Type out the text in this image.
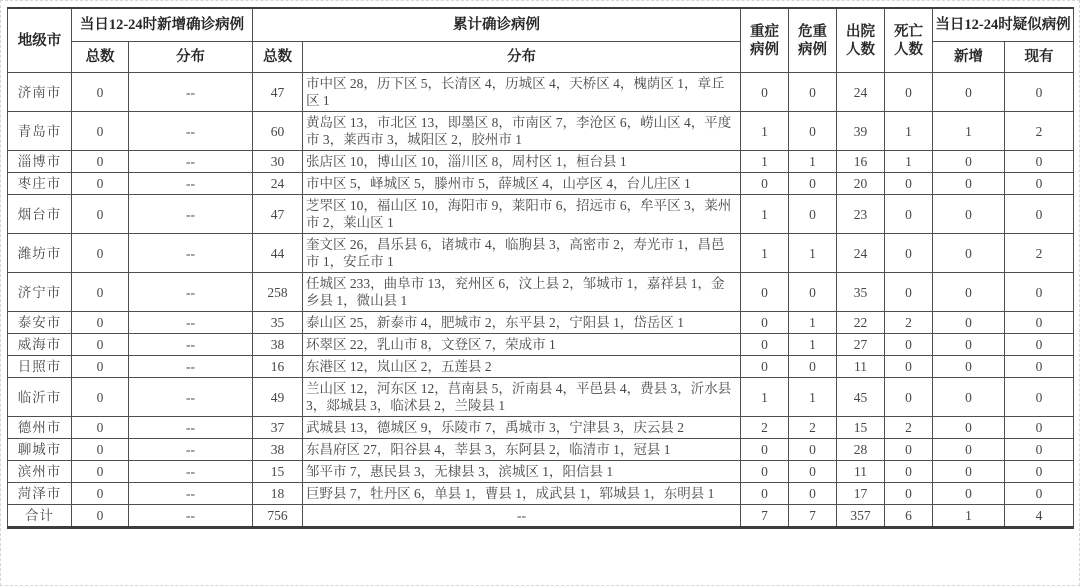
地级市	当日12-24时新增确诊病例		累计确诊病例		重症病例	危重病例	出院人数	死亡人数	当日12-24时疑似病例	
	总数	分布	总数	分布					新增	现有
济南市	0	--	47	市中区 28，历下区 5，长清区 4，历城区 4，天桥区 4，槐荫区 1，章丘区 1	0	0	24	0	0	0
青岛市	0	--	60	黄岛区 13，市北区 13，即墨区 8，市南区 7，李沧区 6，崂山区 4，平度市 3，莱西市 3，城阳区 2，胶州市 1	1	0	39	1	1	2
淄博市	0	--	30	张店区 10，博山区 10，淄川区 8，周村区 1，桓台县 1	1	1	16	1	0	0
枣庄市	0	--	24	市中区 5，峄城区 5，滕州市 5，薛城区 4，山亭区 4，台儿庄区 1	0	0	20	0	0	0
烟台市	0	--	47	芝罘区 10，福山区 10，海阳市 9，莱阳市 6，招远市 6，牟平区 3，莱州市 2，莱山区 1	1	0	23	0	0	0
潍坊市	0	--	44	奎文区 26，昌乐县 6，诸城市 4，临朐县 3，高密市 2，寿光市 1，昌邑市 1，安丘市 1	1	1	24	0	0	2
济宁市	0	--	258	任城区 233，曲阜市 13，兖州区 6，汶上县 2，邹城市 1，嘉祥县 1，金乡县 1，微山县 1	0	0	35	0	0	0
泰安市	0	--	35	泰山区 25，新泰市 4，肥城市 2，东平县 2，宁阳县 1，岱岳区 1	0	1	22	2	0	0
威海市	0	--	38	环翠区 22，乳山市 8，文登区 7，荣成市 1	0	1	27	0	0	0
日照市	0	--	16	东港区 12，岚山区 2，五莲县 2	0	0	11	0	0	0
临沂市	0	--	49	兰山区 12，河东区 12，莒南县 5，沂南县 4，平邑县 4，费县 3，沂水县 3，郯城县 3，临沭县 2，兰陵县 1	1	1	45	0	0	0
德州市	0	--	37	武城县 13，德城区 9，乐陵市 7，禹城市 3，宁津县 3，庆云县 2	2	2	15	2	0	0
聊城市	0	--	38	东昌府区 27，阳谷县 4，莘县 3，东阿县 2，临清市 1，冠县 1	0	0	28	0	0	0
滨州市	0	--	15	邹平市 7，惠民县 3，无棣县 3，滨城区 1，阳信县 1	0	0	11	0	0	0
菏泽市	0	--	18	巨野县 7，牡丹区 6，单县 1，曹县 1，成武县 1，郓城县 1，东明县 1	0	0	17	0	0	0
合计	0	--	756	--	7	7	357	6	1	4
